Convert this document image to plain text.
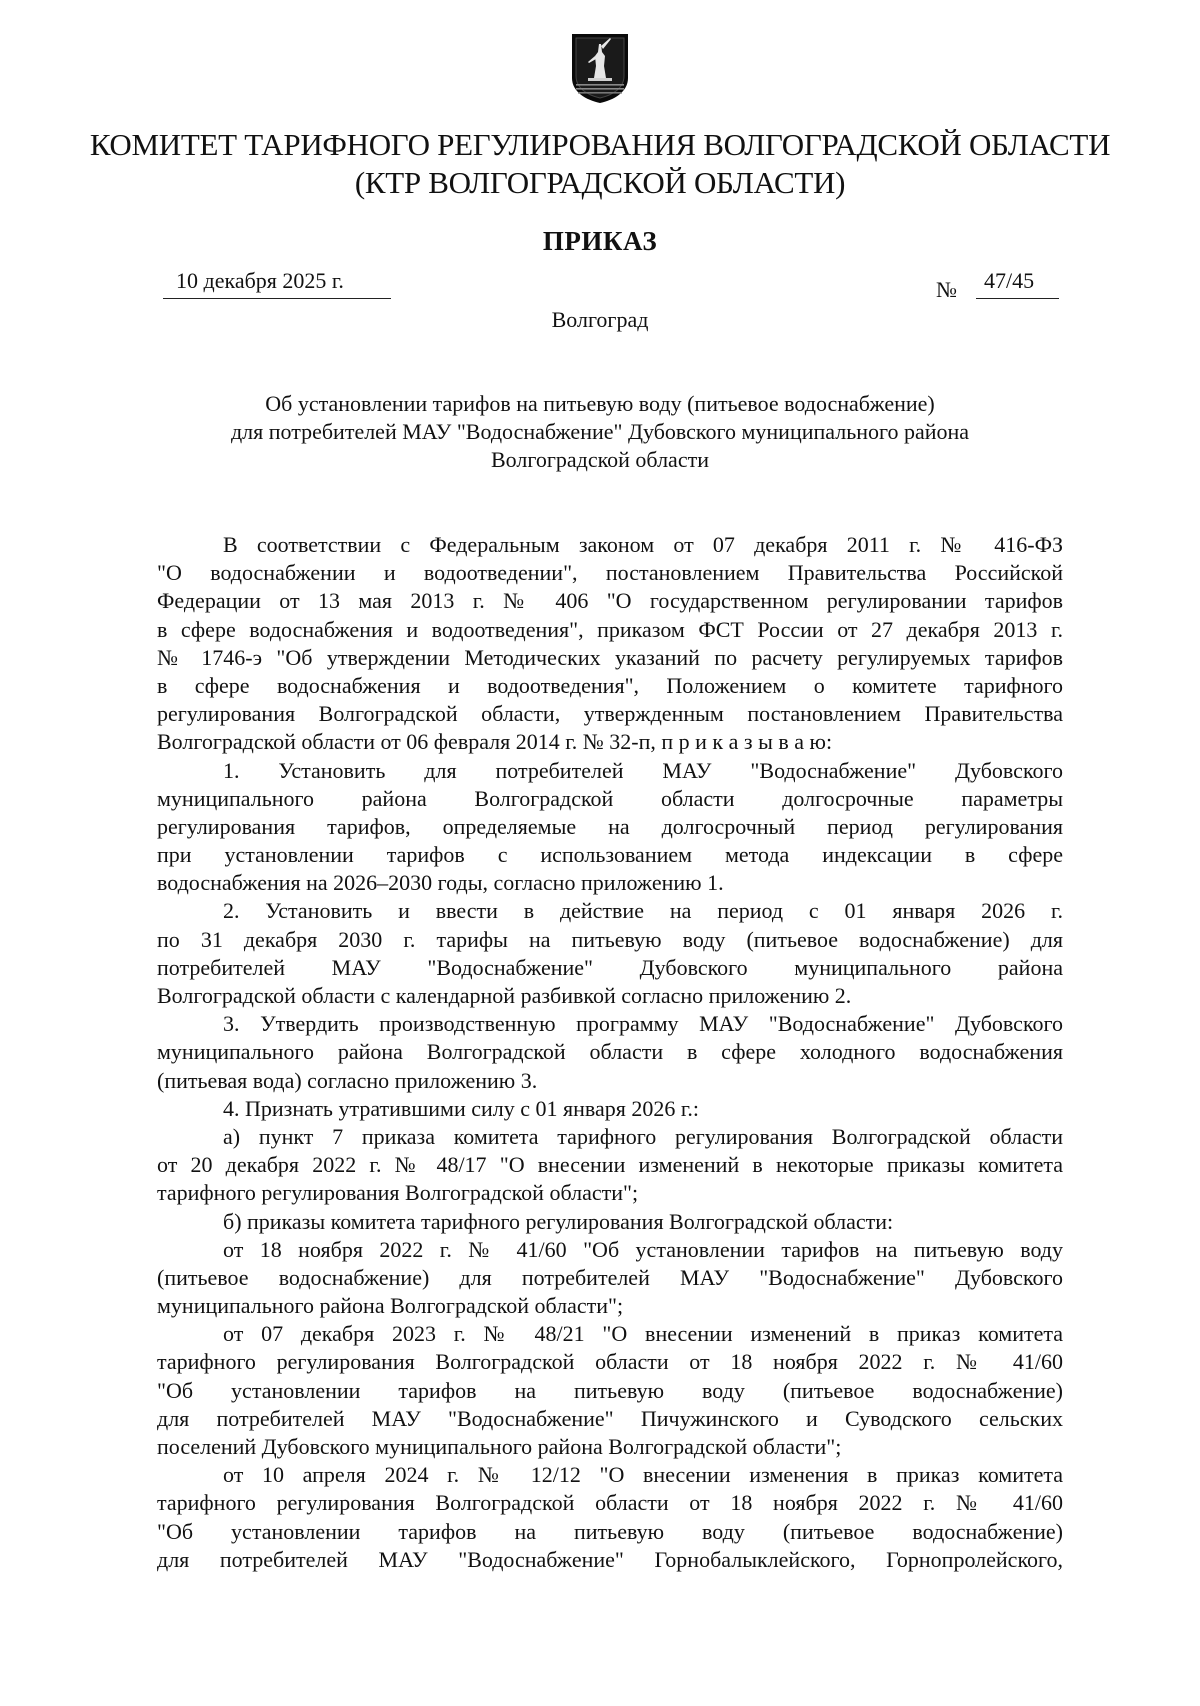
КОМИТЕТ ТАРИФНОГО РЕГУЛИРОВАНИЯ ВОЛГОГРАДСКОЙ ОБЛАСТИ
(КТР ВОЛГОГРАДСКОЙ ОБЛАСТИ)
ПРИКАЗ
10 декабря 2025 г.	№ 47/45
Волгоград
Об установлении тарифов на питьевую воду (питьевое водоснабжение)
для потребителей МАУ "Водоснабжение" Дубовского муниципального района
Волгоградской области
В соответствии с Федеральным законом от 07 декабря 2011 г. № 416-ФЗ
"О водоснабжении и водоотведении", постановлением Правительства Российской
Федерации от 13 мая 2013 г. № 406 "О государственном регулировании тарифов
в сфере водоснабжения и водоотведения", приказом ФСТ России от 27 декабря 2013 г.
№ 1746-э "Об утверждении Методических указаний по расчету регулируемых тарифов
в сфере водоснабжения и водоотведения", Положением о комитете тарифного
регулирования Волгоградской области, утвержденным постановлением Правительства
Волгоградской области от 06 февраля 2014 г. № 32-п, п р и к а з ы в а ю:
1. Установить для потребителей МАУ "Водоснабжение" Дубовского
муниципального района Волгоградской области долгосрочные параметры
регулирования тарифов, определяемые на долгосрочный период регулирования
при установлении тарифов с использованием метода индексации в сфере
водоснабжения на 2026–2030 годы, согласно приложению 1.
2. Установить и ввести в действие на период с 01 января 2026 г.
по 31 декабря 2030 г. тарифы на питьевую воду (питьевое водоснабжение) для
потребителей МАУ "Водоснабжение" Дубовского муниципального района
Волгоградской области с календарной разбивкой согласно приложению 2.
3. Утвердить производственную программу МАУ "Водоснабжение" Дубовского
муниципального района Волгоградской области в сфере холодного водоснабжения
(питьевая вода) согласно приложению 3.
4. Признать утратившими силу с 01 января 2026 г.:
а) пункт 7 приказа комитета тарифного регулирования Волгоградской области
от 20 декабря 2022 г. № 48/17 "О внесении изменений в некоторые приказы комитета
тарифного регулирования Волгоградской области";
б) приказы комитета тарифного регулирования Волгоградской области:
от 18 ноября 2022 г. № 41/60 "Об установлении тарифов на питьевую воду
(питьевое водоснабжение) для потребителей МАУ "Водоснабжение" Дубовского
муниципального района Волгоградской области";
от 07 декабря 2023 г. № 48/21 "О внесении изменений в приказ комитета
тарифного регулирования Волгоградской области от 18 ноября 2022 г. № 41/60
"Об установлении тарифов на питьевую воду (питьевое водоснабжение)
для потребителей МАУ "Водоснабжение" Пичужинского и Суводского сельских
поселений Дубовского муниципального района Волгоградской области";
от 10 апреля 2024 г. № 12/12 "О внесении изменения в приказ комитета
тарифного регулирования Волгоградской области от 18 ноября 2022 г. № 41/60
"Об установлении тарифов на питьевую воду (питьевое водоснабжение)
для потребителей МАУ "Водоснабжение" Горнобалыклейского, Горнопролейского,
